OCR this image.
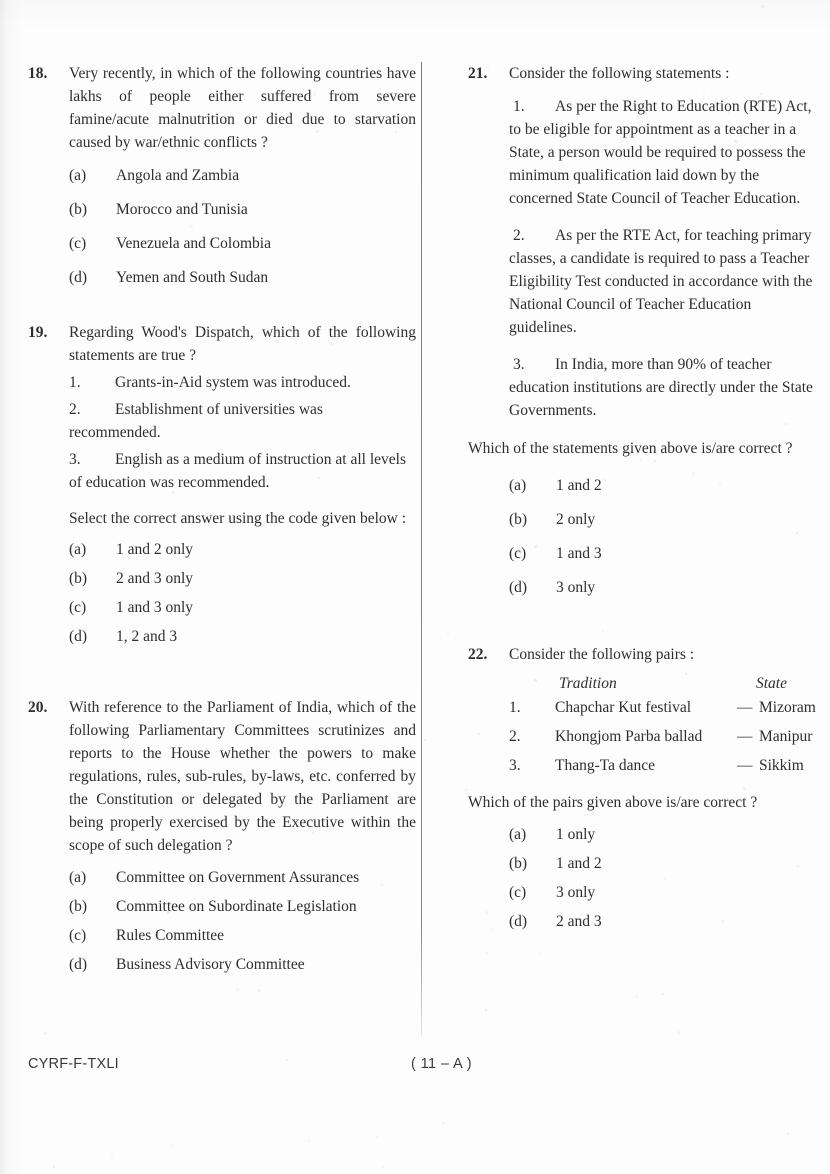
18.	Very recently, in which of the following countries have lakhs of people either suffered from severe famine/acute malnutrition or died due to starvation caused by war/ethnic conflicts ?
(a)	Angola and Zambia
(b)	Morocco and Tunisia
(c)	Venezuela and Colombia
(d)	Yemen and South Sudan
19.	Regarding Wood's Dispatch, which of the following statements are true ?
1.	Grants-in-Aid system was introduced.
2.	Establishment of universities was recommended.
3.	English as a medium of instruction at all levels of education was recommended.
Select the correct answer using the code given below :
(a)	1 and 2 only
(b)	2 and 3 only
(c)	1 and 3 only
(d)	1, 2 and 3
20.	With reference to the Parliament of India, which of the following Parliamentary Committees scrutinizes and reports to the House whether the powers to make regulations, rules, sub-rules, by-laws, etc. conferred by the Constitution or delegated by the Parliament are being properly exercised by the Executive within the scope of such delegation ?
(a)	Committee on Government Assurances
(b)	Committee on Subordinate Legislation
(c)	Rules Committee
(d)	Business Advisory Committee
21.	Consider the following statements :
1.	As per the Right to Education (RTE) Act, to be eligible for appointment as a teacher in a State, a person would be required to possess the minimum qualification laid down by the concerned State Council of Teacher Education.
2.	As per the RTE Act, for teaching primary classes, a candidate is required to pass a Teacher Eligibility Test conducted in accordance with the National Council of Teacher Education guidelines.
3.	In India, more than 90% of teacher education institutions are directly under the State Governments.
Which of the statements given above is/are correct ?
(a)	1 and 2
(b)	2 only
(c)	1 and 3
(d)	3 only
22.	Consider the following pairs :
Tradition	State
1. Chapchar Kut festival	— Mizoram
2. Khongjom Parba ballad — Manipur
3. Thang-Ta dance	— Sikkim
Which of the pairs given above is/are correct ?
(a)	1 only
(b)	1 and 2
(c)	3 only
(d)	2 and 3
CYRF-F-TXLI	( 11 – A )
